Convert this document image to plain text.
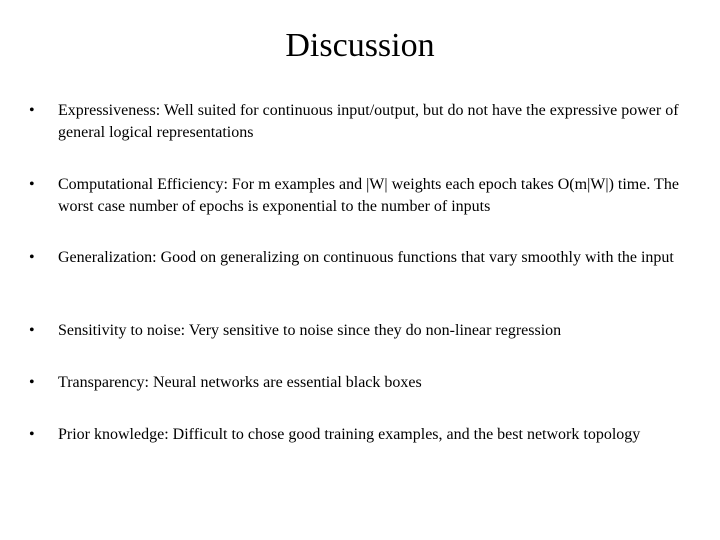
Discussion
• Expressiveness: Well suited for continuous input/output, but do not have the expressive power of general logical representations
• Computational Efficiency: For m examples and |W| weights each epoch takes O(m|W|) time. The worst case number of epochs is exponential to the number of inputs
• Generalization: Good on generalizing on continuous functions that vary smoothly with the input
• Sensitivity to noise: Very sensitive to noise since they do non-linear regression
• Transparency: Neural networks are essential black boxes
• Prior knowledge: Difficult to chose good training examples, and the best network topology
